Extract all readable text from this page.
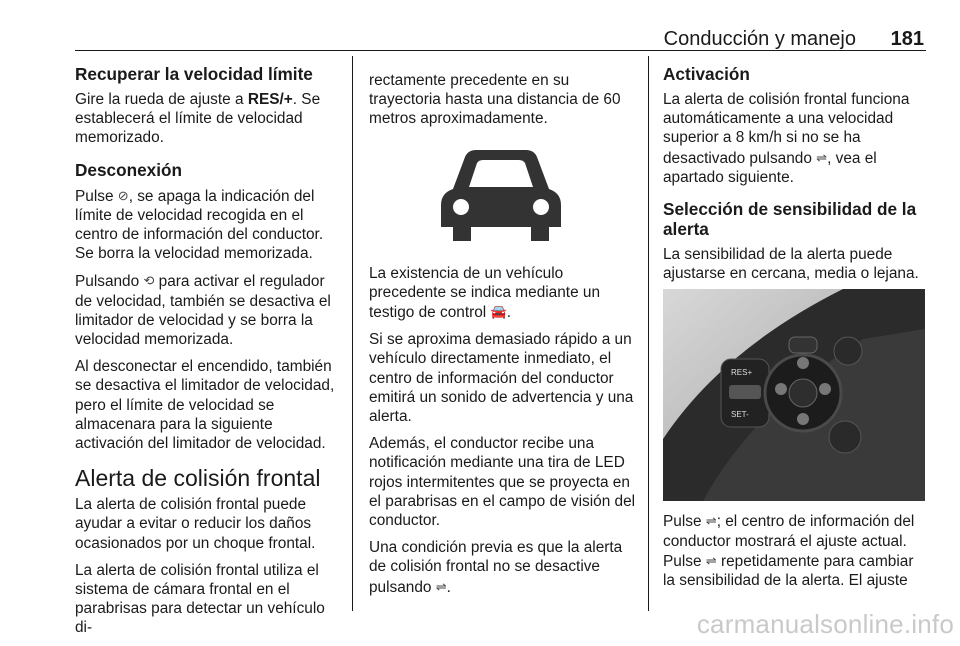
Conducción y manejo 181
Recuperar la velocidad límite

Gire la rueda de ajuste a RES/+. Se establecerá el límite de velocidad memorizado.

Desconexión

Pulse ⊘, se apaga la indicación del límite de velocidad recogida en el centro de información del conductor. Se borra la velocidad memorizada.

Pulsando ⟲ para activar el regulador de velocidad, también se desactiva el limitador de velocidad y se borra la velocidad memorizada.

Al desconectar el encendido, también se desactiva el limitador de velocidad, pero el límite de velocidad se almacenara para la siguiente activación del limitador de velocidad.

Alerta de colisión frontal

La alerta de colisión frontal puede ayudar a evitar o reducir los daños ocasionados por un choque frontal.

La alerta de colisión frontal utiliza el sistema de cámara frontal en el parabrisas para detectar un vehículo di-

rectamente precedente en su trayectoria hasta una distancia de 60 metros aproximadamente.

La existencia de un vehículo precedente se indica mediante un testigo de control 🚘.

Si se aproxima demasiado rápido a un vehículo directamente inmediato, el centro de información del conductor emitirá un sonido de advertencia y una alerta.

Además, el conductor recibe una notificación mediante una tira de LED rojos intermitentes que se proyecta en el parabrisas en el campo de visión del conductor.

Una condición previa es que la alerta de colisión frontal no se desactive pulsando ⇌.

Activación

La alerta de colisión frontal funciona automáticamente a una velocidad superior a 8 km/h si no se ha desactivado pulsando ⇌, vea el apartado siguiente.

Selección de sensibilidad de la alerta

La sensibilidad de la alerta puede ajustarse en cercana, media o lejana.

RES+
SET-

Pulse ⇌; el centro de información del conductor mostrará el ajuste actual.

Pulse ⇌ repetidamente para cambiar la sensibilidad de la alerta. El ajuste

carmanualsonline.info
